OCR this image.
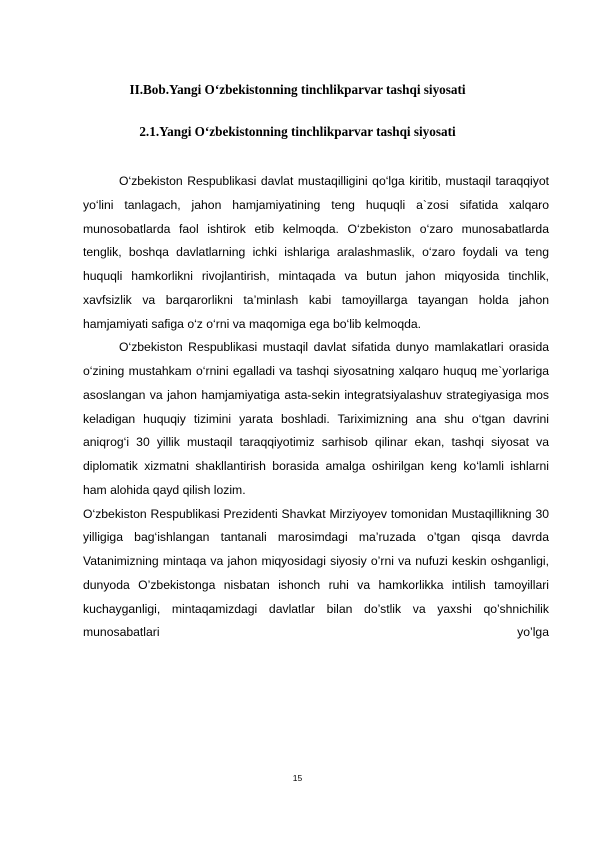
II.Bob.Yangi O‘zbekistonning tinchlikparvar tashqi siyosati
2.1.Yangi O‘zbekistonning tinchlikparvar tashqi siyosati

O‘zbekiston Respublikasi davlat mustaqilligini qo‘lga kiritib, mustaqil taraqqiyot yo‘lini tanlagach, jahon hamjamiyatining teng huquqli a`zosi sifatida xalqaro munosobatlarda faol ishtirok etib kelmoqda. O‘zbekiston o‘zaro munosabatlarda tenglik, boshqa davlatlarning ichki ishlariga aralashmaslik, o‘zaro foydali va teng huquqli hamkorlikni rivojlantirish, mintaqada va butun jahon miqyosida tinchlik, xavfsizlik va barqarorlikni ta’minlash kabi tamoyillarga tayangan holda jahon hamjamiyati safiga o‘z o‘rni va maqomiga ega bo‘lib kelmoqda.

O‘zbekiston Respublikasi mustaqil davlat sifatida dunyo mamlakatlari orasida o‘zining mustahkam o‘rnini egalladi va tashqi siyosatning xalqaro huquq me`yorlariga asoslangan va jahon hamjamiyatiga asta-sekin integratsiyalashuv strategiyasiga mos keladigan huquqiy tizimini yarata boshladi. Tariximizning ana shu o‘tgan davrini aniqrog‘i 30 yillik mustaqil taraqqiyotimiz sarhisob qilinar ekan, tashqi siyosat va diplomatik xizmatni shakllantirish borasida amalga oshirilgan keng ko‘lamli ishlarni ham alohida qayd qilish lozim.

O‘zbekiston Respublikasi Prezidenti Shavkat Mirziyoyev tomonidan Mustaqillikning 30 yilligiga bag‘ishlangan tantanali marosimdagi ma’ruzada o’tgan qisqa davrda Vatanimizning mintaqa va jahon miqyosidagi siyosiy o’rni va nufuzi keskin oshganligi, dunyoda O’zbekistonga nisbatan ishonch ruhi va hamkorlikka intilish tamoyillari kuchayganligi, mintaqamizdagi davlatlar bilan do’stlik va yaxshi qo’shnichilik munosabatlari yo’lga

15
